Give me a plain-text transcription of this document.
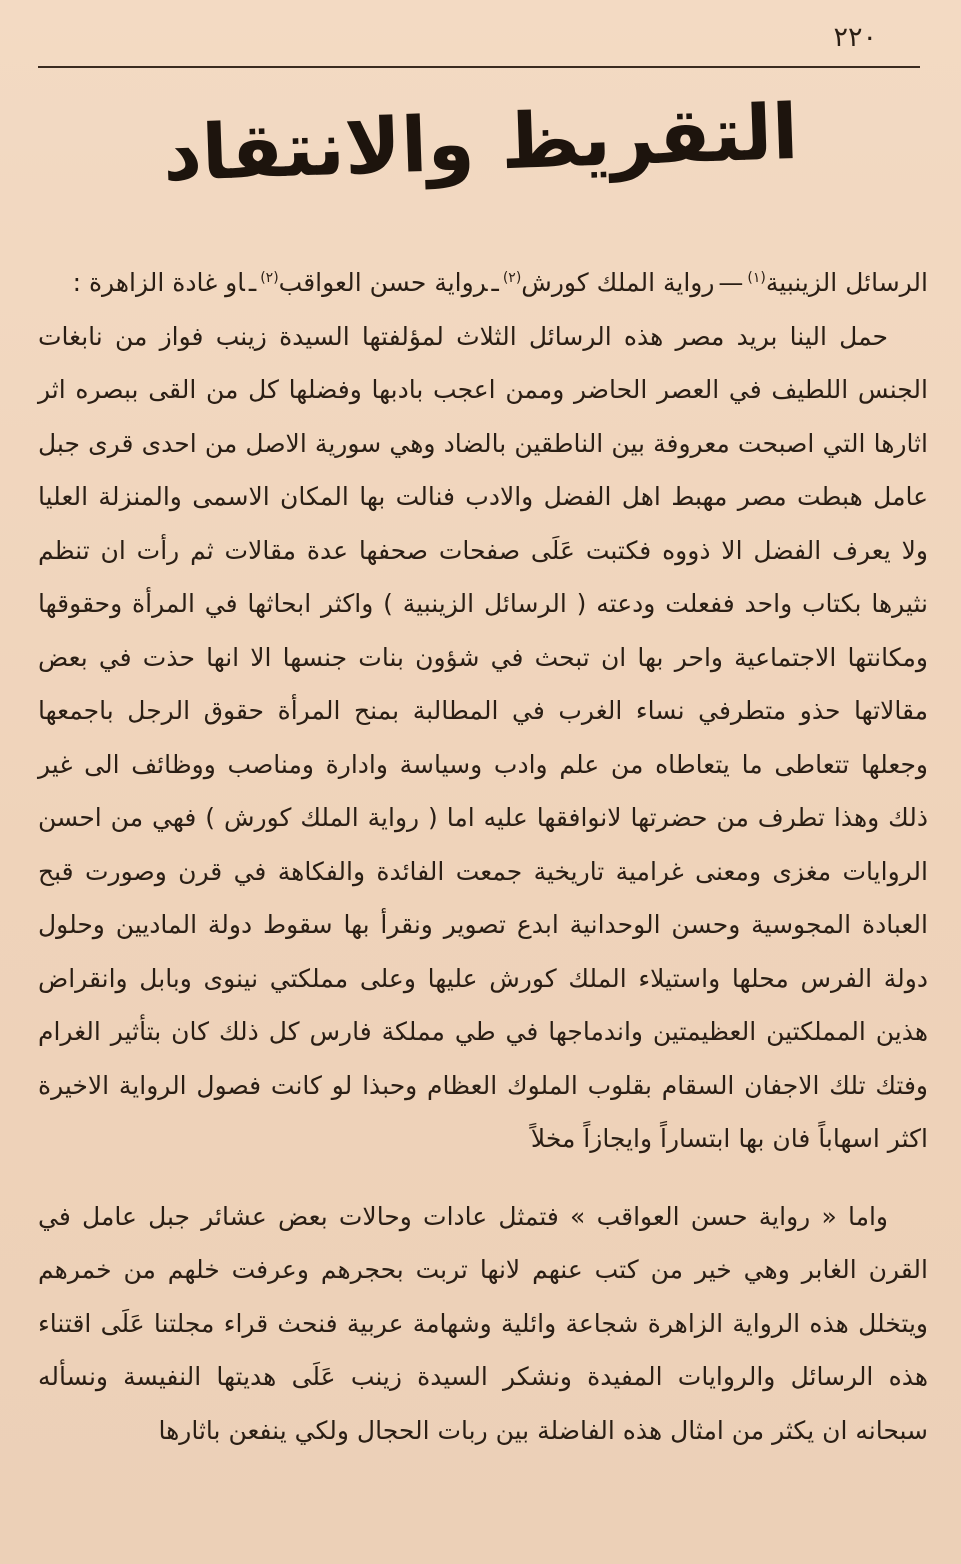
٢٢٠
التقريظ والانتقاد

الرسائل الزينبية$^{(١)}$—رواية الملك كورش$^{(٢)}$ـرواية حسن العواقب$^{(٢)}$ـاو غادة الزاهرة :

حمل الينا بريد مصر هذه الرسائل الثلاث لمؤلفتها السيدة زينب فواز من نابغات الجنس اللطيف في العصر الحاضر وممن اعجب بادبها وفضلها كل من القى ببصره اثر اثارها التي اصبحت معروفة بين الناطقين بالضاد وهي سورية الاصل من احدى قرى جبل عامل هبطت مصر مهبط اهل الفضل والادب فنالت بها المكان الاسمى والمنزلة العليا ولا يعرف الفضل الا ذووه فكتبت عَلَى صفحات صحفها عدة مقالات ثم رأت ان تنظم نثيرها بكتاب واحد ففعلت ودعته ( الرسائل الزينبية ) واكثر ابحاثها في المرأة وحقوقها ومكانتها الاجتماعية واحر بها ان تبحث في شؤون بنات جنسها الا انها حذت في بعض مقالاتها حذو متطرفي نساء الغرب في المطالبة بمنح المرأة حقوق الرجل باجمعها وجعلها تتعاطى ما يتعاطاه من علم وادب وسياسة وادارة ومناصب ووظائف الى غير ذلك وهذا تطرف من حضرتها لانوافقها عليه اما ( رواية الملك كورش ) فهي من احسن الروايات مغزى ومعنى غرامية تاريخية جمعت الفائدة والفكاهة في قرن وصورت قبح العبادة المجوسية وحسن الوحدانية ابدع تصوير ونقرأ بها سقوط دولة الماديين وحلول دولة الفرس محلها واستيلاء الملك كورش عليها وعلى مملكتي نينوى وبابل وانقراض هذين المملكتين العظيمتين واندماجها في طي مملكة فارس كل ذلك كان بتأثير الغرام وفتك تلك الاجفان السقام بقلوب الملوك العظام وحبذا لو كانت فصول الرواية الاخيرة اكثر اسهاباً فان بها ابتساراً وايجازاً مخلاً

واما « رواية حسن العواقب » فتمثل عادات وحالات بعض عشائر جبل عامل في القرن الغابر وهي خير من كتب عنهم لانها تربت بحجرهم وعرفت خلهم من خمرهم ويتخلل هذه الرواية الزاهرة شجاعة وائلية وشهامة عربية فنحث قراء مجلتنا عَلَى اقتناء هذه الرسائل والروايات المفيدة ونشكر السيدة زينب عَلَى هديتها النفيسة ونسأله سبحانه ان يكثر من امثال هذه الفاضلة بين ربات الحجال ولكي ينفعن باثارها
